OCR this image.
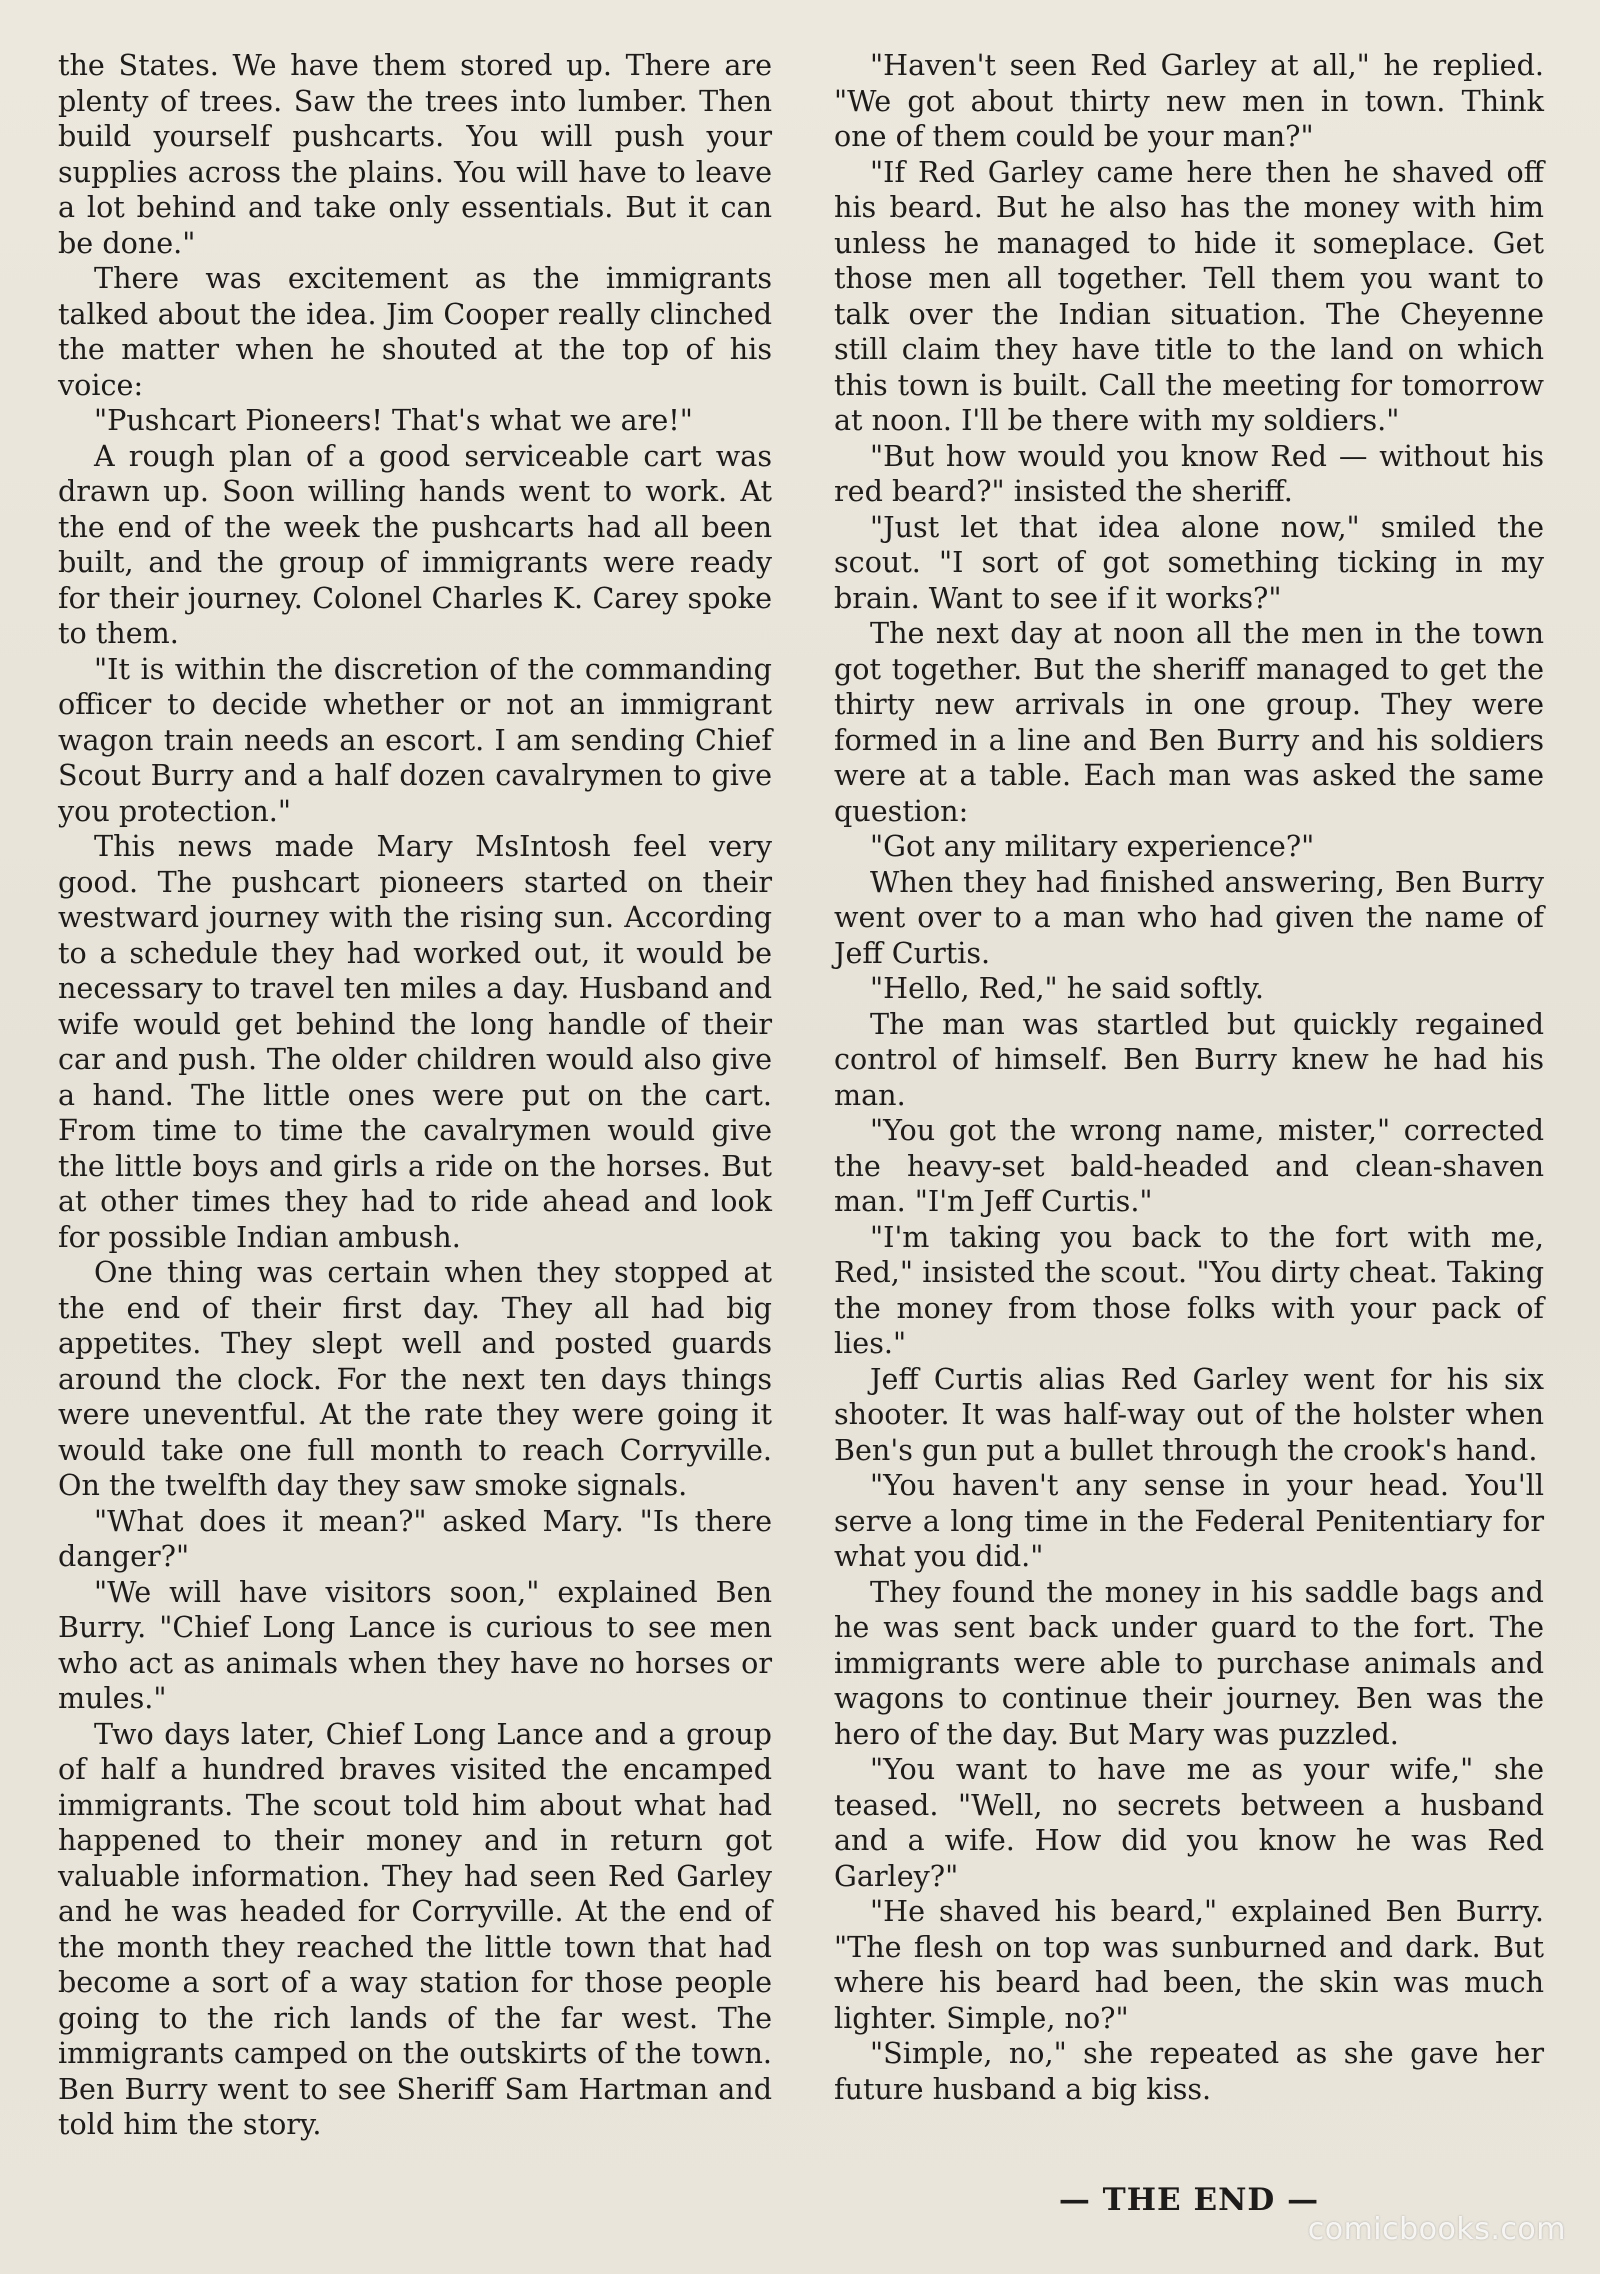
the States. We have them stored up. There are plenty of trees. Saw the trees into lumber. Then build yourself pushcarts. You will push your supplies across the plains. You will have to leave a lot behind and take only essentials. But it can be done."

There was excitement as the immigrants talked about the idea. Jim Cooper really clinched the matter when he shouted at the top of his voice:

"Pushcart Pioneers! That's what we are!"

A rough plan of a good serviceable cart was drawn up. Soon willing hands went to work. At the end of the week the pushcarts had all been built, and the group of immigrants were ready for their journey. Colonel Charles K. Carey spoke to them.

"It is within the discretion of the commanding officer to decide whether or not an immigrant wagon train needs an escort. I am sending Chief Scout Burry and a half dozen cavalrymen to give you protection."

This news made Mary MsIntosh feel very good. The pushcart pioneers started on their westward journey with the rising sun. According to a schedule they had worked out, it would be necessary to travel ten miles a day. Husband and wife would get behind the long handle of their car and push. The older children would also give a hand. The little ones were put on the cart. From time to time the cavalrymen would give the little boys and girls a ride on the horses. But at other times they had to ride ahead and look for possible Indian ambush.

One thing was certain when they stopped at the end of their first day. They all had big appetites. They slept well and posted guards around the clock. For the next ten days things were uneventful. At the rate they were going it would take one full month to reach Corryville. On the twelfth day they saw smoke signals.

"What does it mean?" asked Mary. "Is there danger?"

"We will have visitors soon," explained Ben Burry. "Chief Long Lance is curious to see men who act as animals when they have no horses or mules."

Two days later, Chief Long Lance and a group of half a hundred braves visited the encamped immigrants. The scout told him about what had happened to their money and in return got valuable information. They had seen Red Garley and he was headed for Corryville. At the end of the month they reached the little town that had become a sort of a way station for those people going to the rich lands of the far west. The immigrants camped on the outskirts of the town. Ben Burry went to see Sheriff Sam Hartman and told him the story.

"Haven't seen Red Garley at all," he replied. "We got about thirty new men in town. Think one of them could be your man?"

"If Red Garley came here then he shaved off his beard. But he also has the money with him unless he managed to hide it someplace. Get those men all together. Tell them you want to talk over the Indian situation. The Cheyenne still claim they have title to the land on which this town is built. Call the meeting for tomorrow at noon. I'll be there with my soldiers."

"But how would you know Red — without his red beard?" insisted the sheriff.

"Just let that idea alone now," smiled the scout. "I sort of got something ticking in my brain. Want to see if it works?"

The next day at noon all the men in the town got together. But the sheriff managed to get the thirty new arrivals in one group. They were formed in a line and Ben Burry and his soldiers were at a table. Each man was asked the same question:

"Got any military experience?"

When they had finished answering, Ben Burry went over to a man who had given the name of Jeff Curtis.

"Hello, Red," he said softly.

The man was startled but quickly regained control of himself. Ben Burry knew he had his man.

"You got the wrong name, mister," corrected the heavy-set bald-headed and clean-shaven man. "I'm Jeff Curtis."

"I'm taking you back to the fort with me, Red," insisted the scout. "You dirty cheat. Taking the money from those folks with your pack of lies."

Jeff Curtis alias Red Garley went for his six shooter. It was half-way out of the holster when Ben's gun put a bullet through the crook's hand.

"You haven't any sense in your head. You'll serve a long time in the Federal Penitentiary for what you did."

They found the money in his saddle bags and he was sent back under guard to the fort. The immigrants were able to purchase animals and wagons to continue their journey. Ben was the hero of the day. But Mary was puzzled.

"You want to have me as your wife," she teased. "Well, no secrets between a husband and a wife. How did you know he was Red Garley?"

"He shaved his beard," explained Ben Burry. "The flesh on top was sunburned and dark. But where his beard had been, the skin was much lighter. Simple, no?"

"Simple, no," she repeated as she gave her future husband a big kiss.

— THE END —
comicbooks.com
